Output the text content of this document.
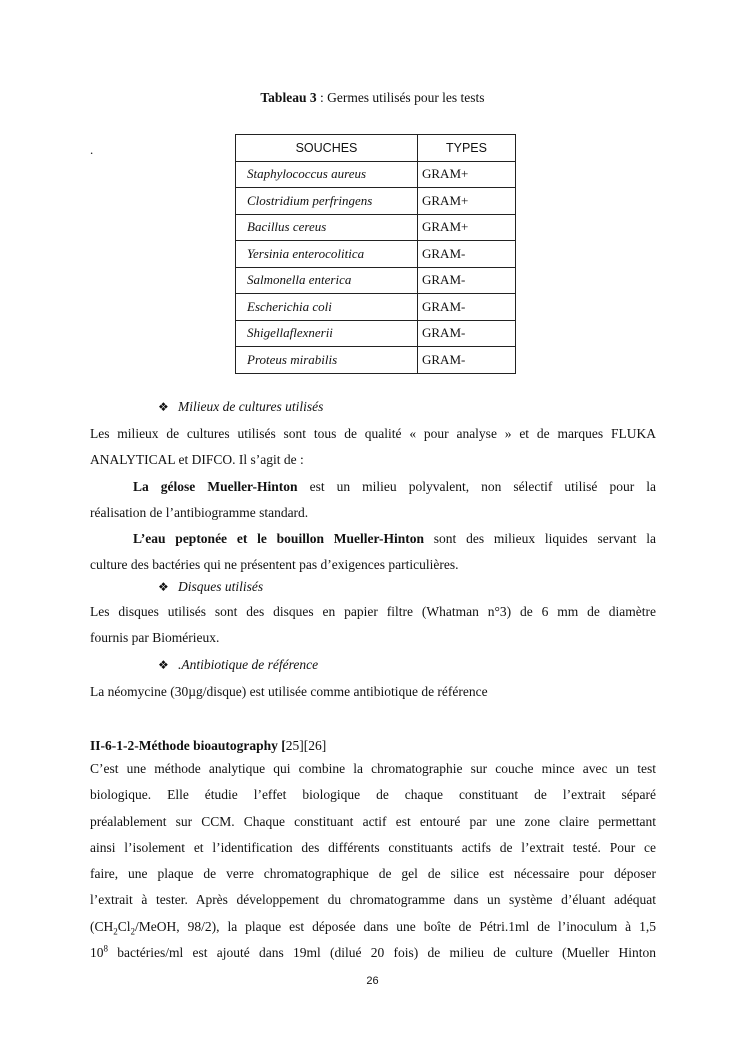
Tableau 3 : Germes utilisés pour les tests
.	SOUCHES	TYPES
Staphylococcus aureus	GRAM+
Clostridium perfringens	GRAM+
Bacillus cereus	GRAM+
Yersinia enterocolitica	GRAM-
Salmonella enterica	GRAM-
Escherichia coli	GRAM-
Shigellaflexnerii	GRAM-
Proteus mirabilis	GRAM-
❖ Milieux de cultures utilisés
Les milieux de cultures utilisés sont tous de qualité « pour analyse » et de marques FLUKA
ANALYTICAL et DIFCO. Il s’agit de :
La gélose Mueller-Hinton est un milieu polyvalent, non sélectif utilisé pour la
réalisation de l’antibiogramme standard.
L’eau peptonée et le bouillon Mueller-Hinton sont des milieux liquides servant la
culture des bactéries qui ne présentent pas d’exigences particulières.
❖ Disques utilisés
Les disques utilisés sont des disques en papier filtre (Whatman n°3) de 6 mm de diamètre
fournis par Biomérieux.
❖ .Antibiotique de référence
La néomycine (30µg/disque) est utilisée comme antibiotique de référence
II-6-1-2-Méthode bioautography [25][26]
C’est une méthode analytique qui combine la chromatographie sur couche mince avec un test
biologique. Elle étudie l’effet biologique de chaque constituant de l’extrait séparé
préalablement sur CCM. Chaque constituant actif est entouré par une zone claire permettant
ainsi l’isolement et l’identification des différents constituants actifs de l’extrait testé. Pour ce
faire, une plaque de verre chromatographique de gel de silice est nécessaire pour déposer
l’extrait à tester. Après développement du chromatogramme dans un système d’éluant adéquat
($CH_2Cl_2$/MeOH, 98/2), la plaque est déposée dans une boîte de Pétri.1ml de l’inoculum à 1,5
$10^8$ bactéries/ml est ajouté dans 19ml (dilué 20 fois) de milieu de culture (Mueller Hinton
26
